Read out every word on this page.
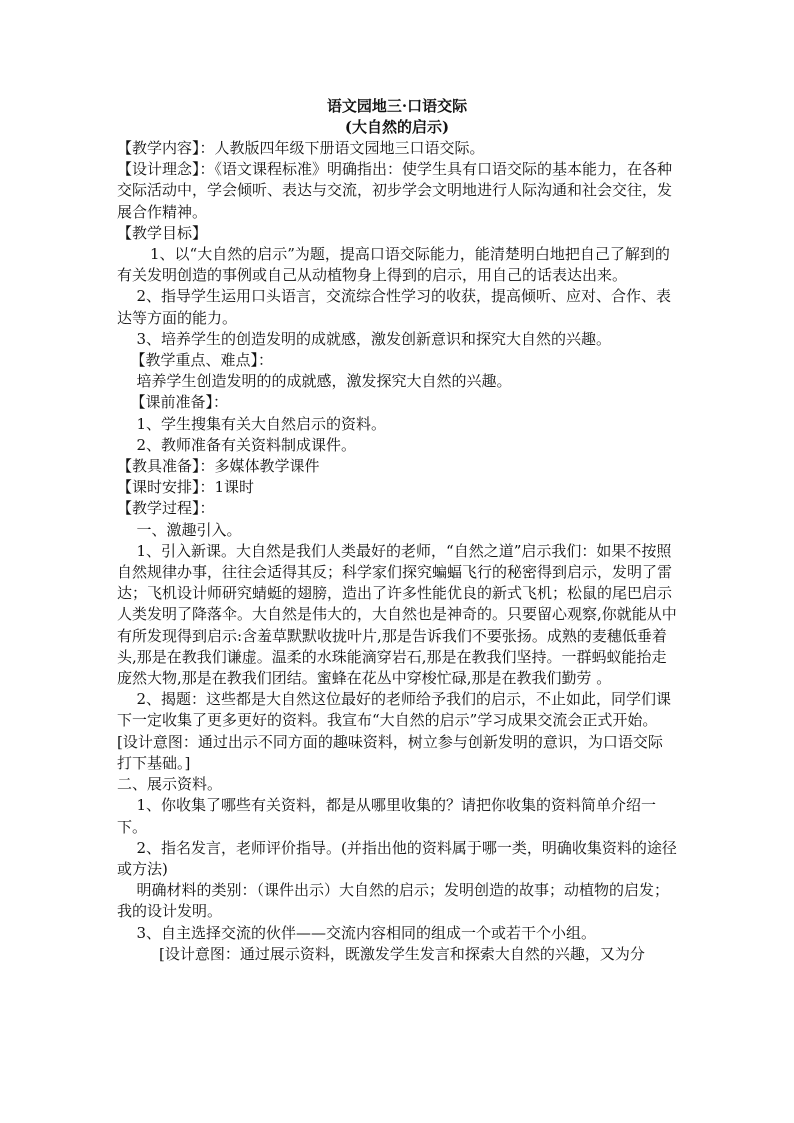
语文园地三·口语交际

(大自然的启示)

【教学内容】：人教版四年级下册语文园地三口语交际。

【设计理念】：《语文课程标准》明确指出：使学生具有口语交际的基本能力，在各种交际活动中，学会倾听、表达与交流，初步学会文明地进行人际沟通和社会交往，发展合作精神。

【教学目标】

1、以“大自然的启示”为题，提高口语交际能力，能清楚明白地把自己了解到的有关发明创造的事例或自己从动植物身上得到的启示，用自己的话表达出来。

2、指导学生运用口头语言，交流综合性学习的收获，提高倾听、应对、合作、表达等方面的能力。

3、培养学生的创造发明的成就感，激发创新意识和探究大自然的兴趣。

【教学重点、难点】：

培养学生创造发明的的成就感，激发探究大自然的兴趣。

【课前准备】：

1、学生搜集有关大自然启示的资料。

2、教师准备有关资料制成课件。

【教具准备】：多媒体教学课件

【课时安排】：1课时

【教学过程】：

一、激趣引入。

1、引入新课。大自然是我们人类最好的老师，“自然之道”启示我们：如果不按照自然规律办事，往往会适得其反；科学家们探究蝙蝠飞行的秘密得到启示，发明了雷达；飞机设计师研究蜻蜓的翅膀，造出了许多性能优良的新式飞机；松鼠的尾巴启示人类发明了降落伞。大自然是伟大的，大自然也是神奇的。只要留心观察,你就能从中有所发现得到启示:含羞草默默收拢叶片,那是告诉我们不要张扬。成熟的麦穗低垂着头,那是在教我们谦虚。温柔的水珠能滴穿岩石,那是在教我们坚持。一群蚂蚁能抬走庞然大物,那是在教我们团结。蜜蜂在花丛中穿梭忙碌,那是在教我们勤劳 。

2、揭题：这些都是大自然这位最好的老师给予我们的启示，不止如此，同学们课下一定收集了更多更好的资料。我宣布“大自然的启示”学习成果交流会正式开始。

[设计意图：通过出示不同方面的趣味资料，树立参与创新发明的意识，为口语交际打下基础。]

二、展示资料。

1、你收集了哪些有关资料，都是从哪里收集的？请把你收集的资料简单介绍一下。

2、指名发言，老师评价指导。(并指出他的资料属于哪一类，明确收集资料的途径或方法)

明确材料的类别：（课件出示）大自然的启示；发明创造的故事；动植物的启发；我的设计发明。

3、自主选择交流的伙伴——交流内容相同的组成一个或若干个小组。

[设计意图：通过展示资料，既激发学生发言和探索大自然的兴趣，又为分
